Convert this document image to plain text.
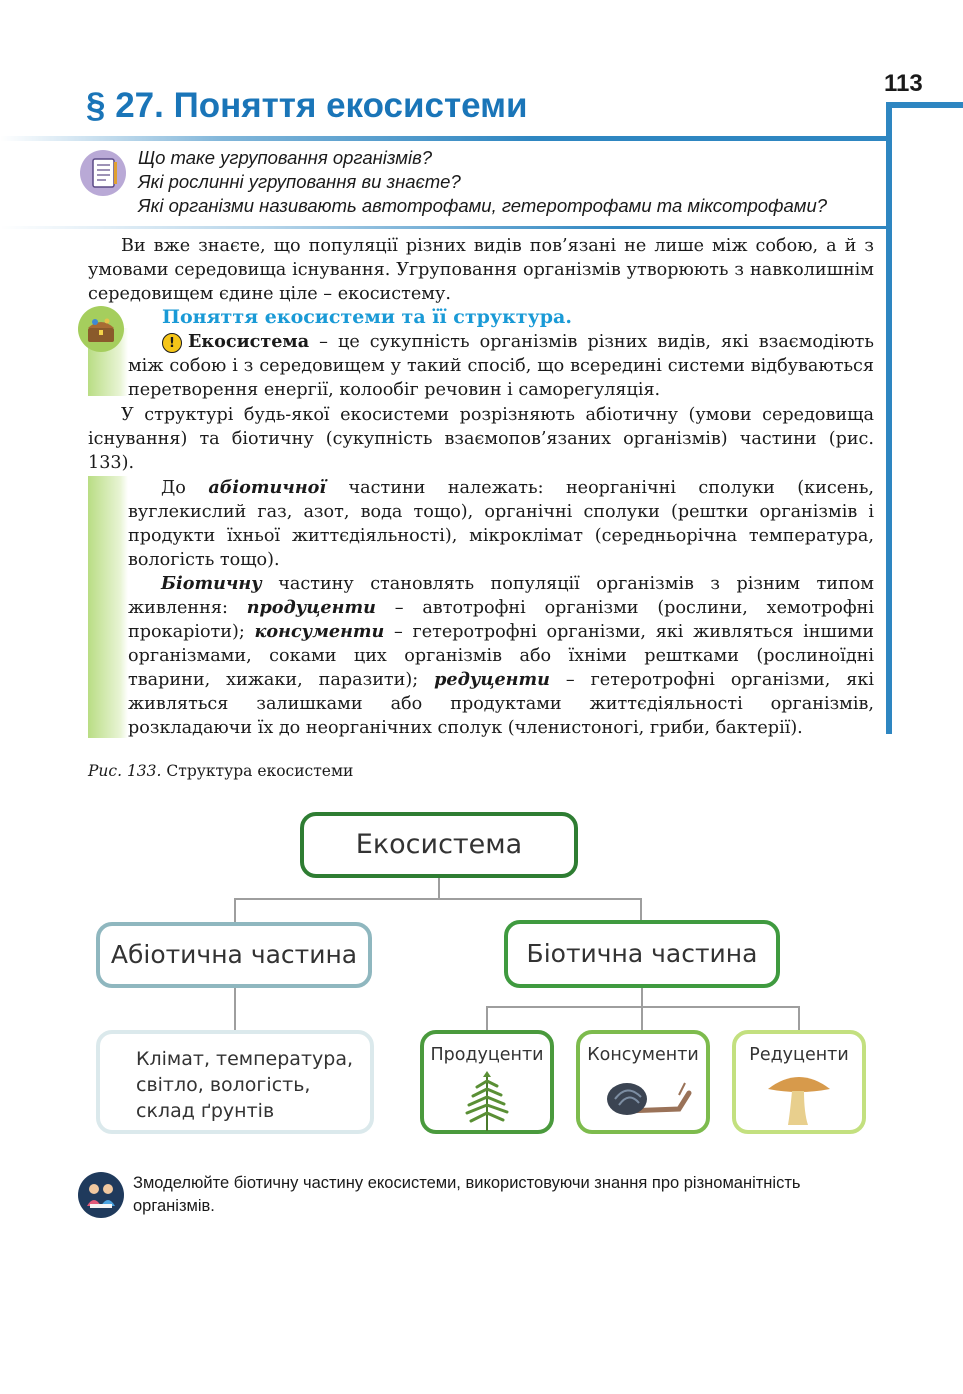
113
§ 27. Поняття екосистеми
Що таке угруповання організмів?
Які рослинні угруповання ви знаєте?
Які організми називають автотрофами, гетеротрофами та міксотрофами?
Ви вже знаєте, що популяції різних видів пов’язані не лише між собою, а й з умовами середовища існування. Угруповання організмів утворюють з навколишнім середовищем єдине ціле – екосистему.
Поняття екосистеми та її структура.
! Екосистема – це сукупність організмів різних видів, які взаємодіють між собою і з середовищем у такий спосіб, що всередині системи відбуваються перетворення енергії, колообіг речовин і саморегуляція.
У структурі будь-якої екосистеми розрізняють абіотичну (умови середовища існування) та біотичну (сукупність взаємопов’язаних організмів) частини (рис. 133).
До абіотичної частини належать: неорганічні сполуки (кисень, вуглекислий газ, азот, вода тощо), органічні сполуки (рештки організмів і продукти їхньої життєдіяльності), мікроклімат (середньорічна температура, вологість тощо).
Біотичну частину становлять популяції організмів з різним типом живлення: продуценти – автотрофні організми (рослини, хемотрофні прокаріоти); консументи – гетеротрофні організми, які живляться іншими організмами, соками цих організмів або їхніми рештками (рослиноїдні тварини, хижаки, паразити); редуценти – гетеротрофні організми, які живляться залишками або продуктами життєдіяльності організмів, розкладаючи їх до неорганічних сполук (членистоногі, гриби, бактерії).
Рис. 133. Структура екосистеми
Екосистема
Абіотична частина	Біотична частина
Клімат, температура,
світло, вологість,
склад ґрунтів
Продуценти	Консументи	Редуценти
Змоделюйте біотичну частину екосистеми, використовуючи знання про різноманітність організмів.
